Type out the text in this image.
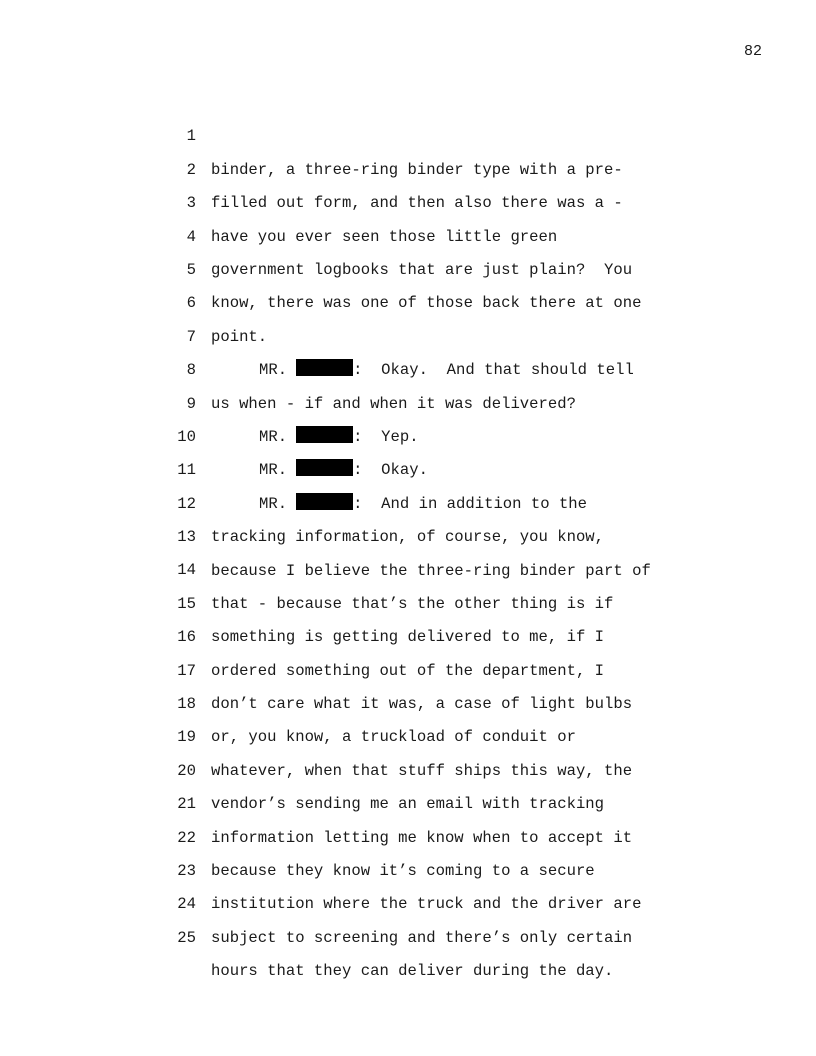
82

1

binder, a three-ring binder type with a pre-

2

filled out form, and then also there was a -

3

have you ever seen those little green

4

government logbooks that are just plain?  You

5

know, there was one of those back there at one

6

point.

7

MR.	:  Okay.  And that should tell

8

us when - if and when it was delivered?

9

MR.	:  Yep.

10

MR.	:  Okay.

11

MR.	:  And in addition to the

12

tracking information, of course, you know,

13

because I believe the three-ring binder part of

14

that - because that’s the other thing is if

15

something is getting delivered to me, if I

16

ordered something out of the department, I

17

don’t care what it was, a case of light bulbs

18

or, you know, a truckload of conduit or

19

whatever, when that stuff ships this way, the

20

vendor’s sending me an email with tracking

21

information letting me know when to accept it

22

because they know it’s coming to a secure

23

institution where the truck and the driver are

24

subject to screening and there’s only certain

25

hours that they can deliver during the day.
